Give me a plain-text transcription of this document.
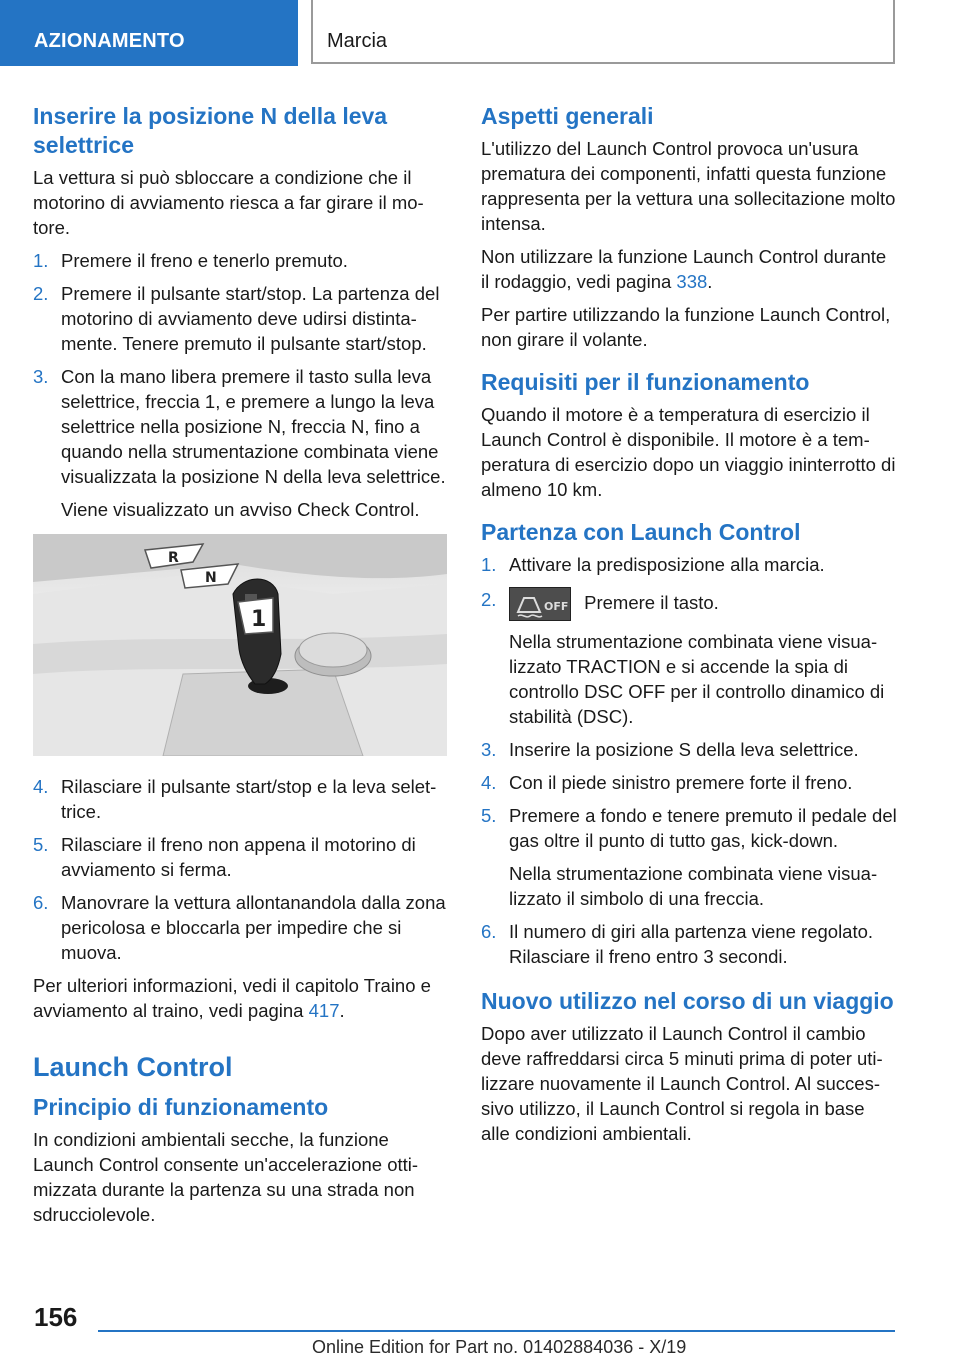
AZIONAMENTO	Marcia
Inserire la posizione N della leva selettrice

La vettura si può sbloccare a condizione che il motorino di avviamento riesca a far girare il motore.

1. Premere il freno e tenerlo premuto.
2. Premere il pulsante start/stop. La partenza del motorino di avviamento deve udirsi distintamente. Tenere premuto il pulsante start/stop.
3. Con la mano libera premere il tasto sulla leva selettrice, freccia 1, e premere a lungo la leva selettrice nella posizione N, freccia N, fino a quando nella strumentazione combinata viene visualizzata la posizione N della leva selettrice.
Viene visualizzato un avviso Check Control.
R
N
1
4. Rilasciare il pulsante start/stop e la leva selettrice.
5. Rilasciare il freno non appena il motorino di avviamento si ferma.
6. Manovrare la vettura allontanandola dalla zona pericolosa e bloccarla per impedire che si muova.

Per ulteriori informazioni, vedi il capitolo Traino e avviamento al traino, vedi pagina 417.

Launch Control
Principio di funzionamento

In condizioni ambientali secche, la funzione Launch Control consente un'accelerazione ottimizzata durante la partenza su una strada non sdrucciolevole.

Aspetti generali

L'utilizzo del Launch Control provoca un'usura prematura dei componenti, infatti questa funzione rappresenta per la vettura una sollecitazione molto intensa.

Non utilizzare la funzione Launch Control durante il rodaggio, vedi pagina 338.

Per partire utilizzando la funzione Launch Control, non girare il volante.

Requisiti per il funzionamento

Quando il motore è a temperatura di esercizio il Launch Control è disponibile. Il motore è a temperatura di esercizio dopo un viaggio ininterrotto di almeno 10 km.

Partenza con Launch Control
1. Attivare la predisposizione alla marcia.
2.	OFF Premere il tasto.
Nella strumentazione combinata viene visualizzato TRACTION e si accende la spia di controllo DSC OFF per il controllo dinamico di stabilità (DSC).
3. Inserire la posizione S della leva selettrice.
4. Con il piede sinistro premere forte il freno.
5. Premere a fondo e tenere premuto il pedale del gas oltre il punto di tutto gas, kick-down.
Nella strumentazione combinata viene visualizzato il simbolo di una freccia.
6. Il numero di giri alla partenza viene regolato. Rilasciare il freno entro 3 secondi.
Nuovo utilizzo nel corso di un viaggio

Dopo aver utilizzato il Launch Control il cambio deve raffreddarsi circa 5 minuti prima di poter utilizzare nuovamente il Launch Control. Al successivo utilizzo, il Launch Control si regola in base alle condizioni ambientali.

156
Online Edition for Part no. 01402884036 - X/19
